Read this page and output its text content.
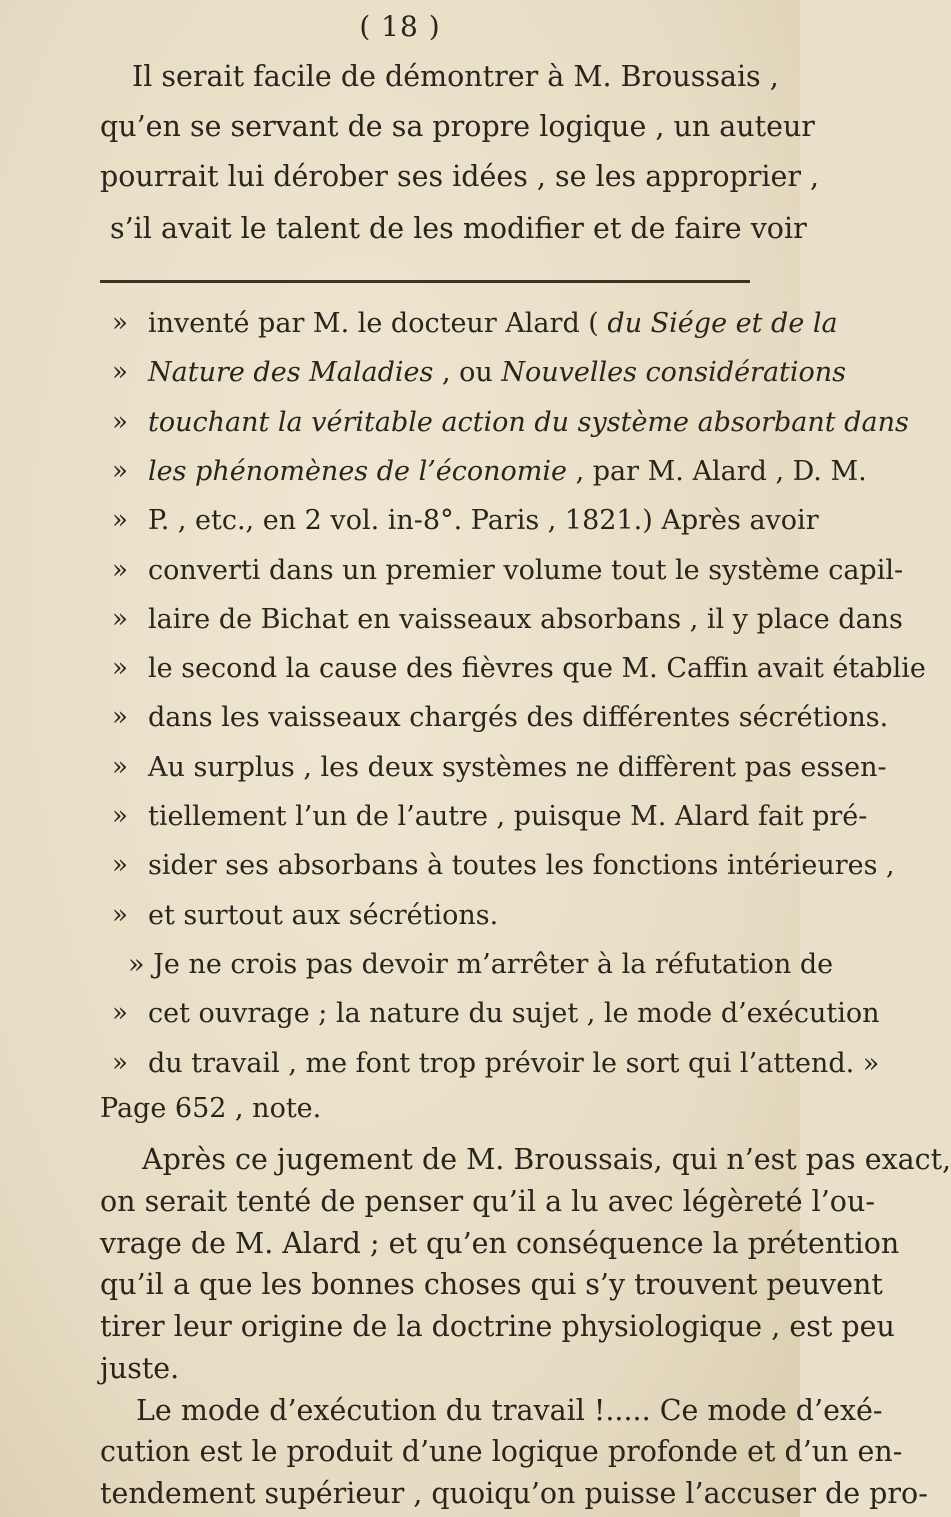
( 18 )
Il serait facile de démontrer à M. Broussais ,
qu’en se servant de sa propre logique , un auteur
pourrait lui dérober ses idées , se les approprier ,
s’il avait le talent de les modifier et de faire voir
» inventé par M. le docteur Alard ( du Siége et de la
» Nature des Maladies , ou Nouvelles considérations
» touchant la véritable action du système absorbant dans
» les phénomènes de l’économie , par M. Alard , D. M.
» P. , etc., en 2 vol. in-8°. Paris , 1821.) Après avoir
» converti dans un premier volume tout le système capil-
» laire de Bichat en vaisseaux absorbans , il y place dans
» le second la cause des fièvres que M. Caffin avait établie
» dans les vaisseaux chargés des différentes sécrétions.
» Au surplus , les deux systèmes ne diffèrent pas essen-
» tiellement l’un de l’autre , puisque M. Alard fait pré-
» sider ses absorbans à toutes les fonctions intérieures ,
» et surtout aux sécrétions.
» Je ne crois pas devoir m’arrêter à la réfutation de
» cet ouvrage ; la nature du sujet , le mode d’exécution
» du travail , me font trop prévoir le sort qui l’attend. »
Page 652 , note.
Après ce jugement de M. Broussais, qui n’est pas exact,
on serait tenté de penser qu’il a lu avec légèreté l’ou-
vrage de M. Alard ; et qu’en conséquence la prétention
qu’il a que les bonnes choses qui s’y trouvent peuvent
tirer leur origine de la doctrine physiologique , est peu
juste.
Le mode d’exécution du travail !..... Ce mode d’exé-
cution est le produit d’une logique profonde et d’un en-
tendement supérieur , quoiqu’on puisse l’accuser de pro-
